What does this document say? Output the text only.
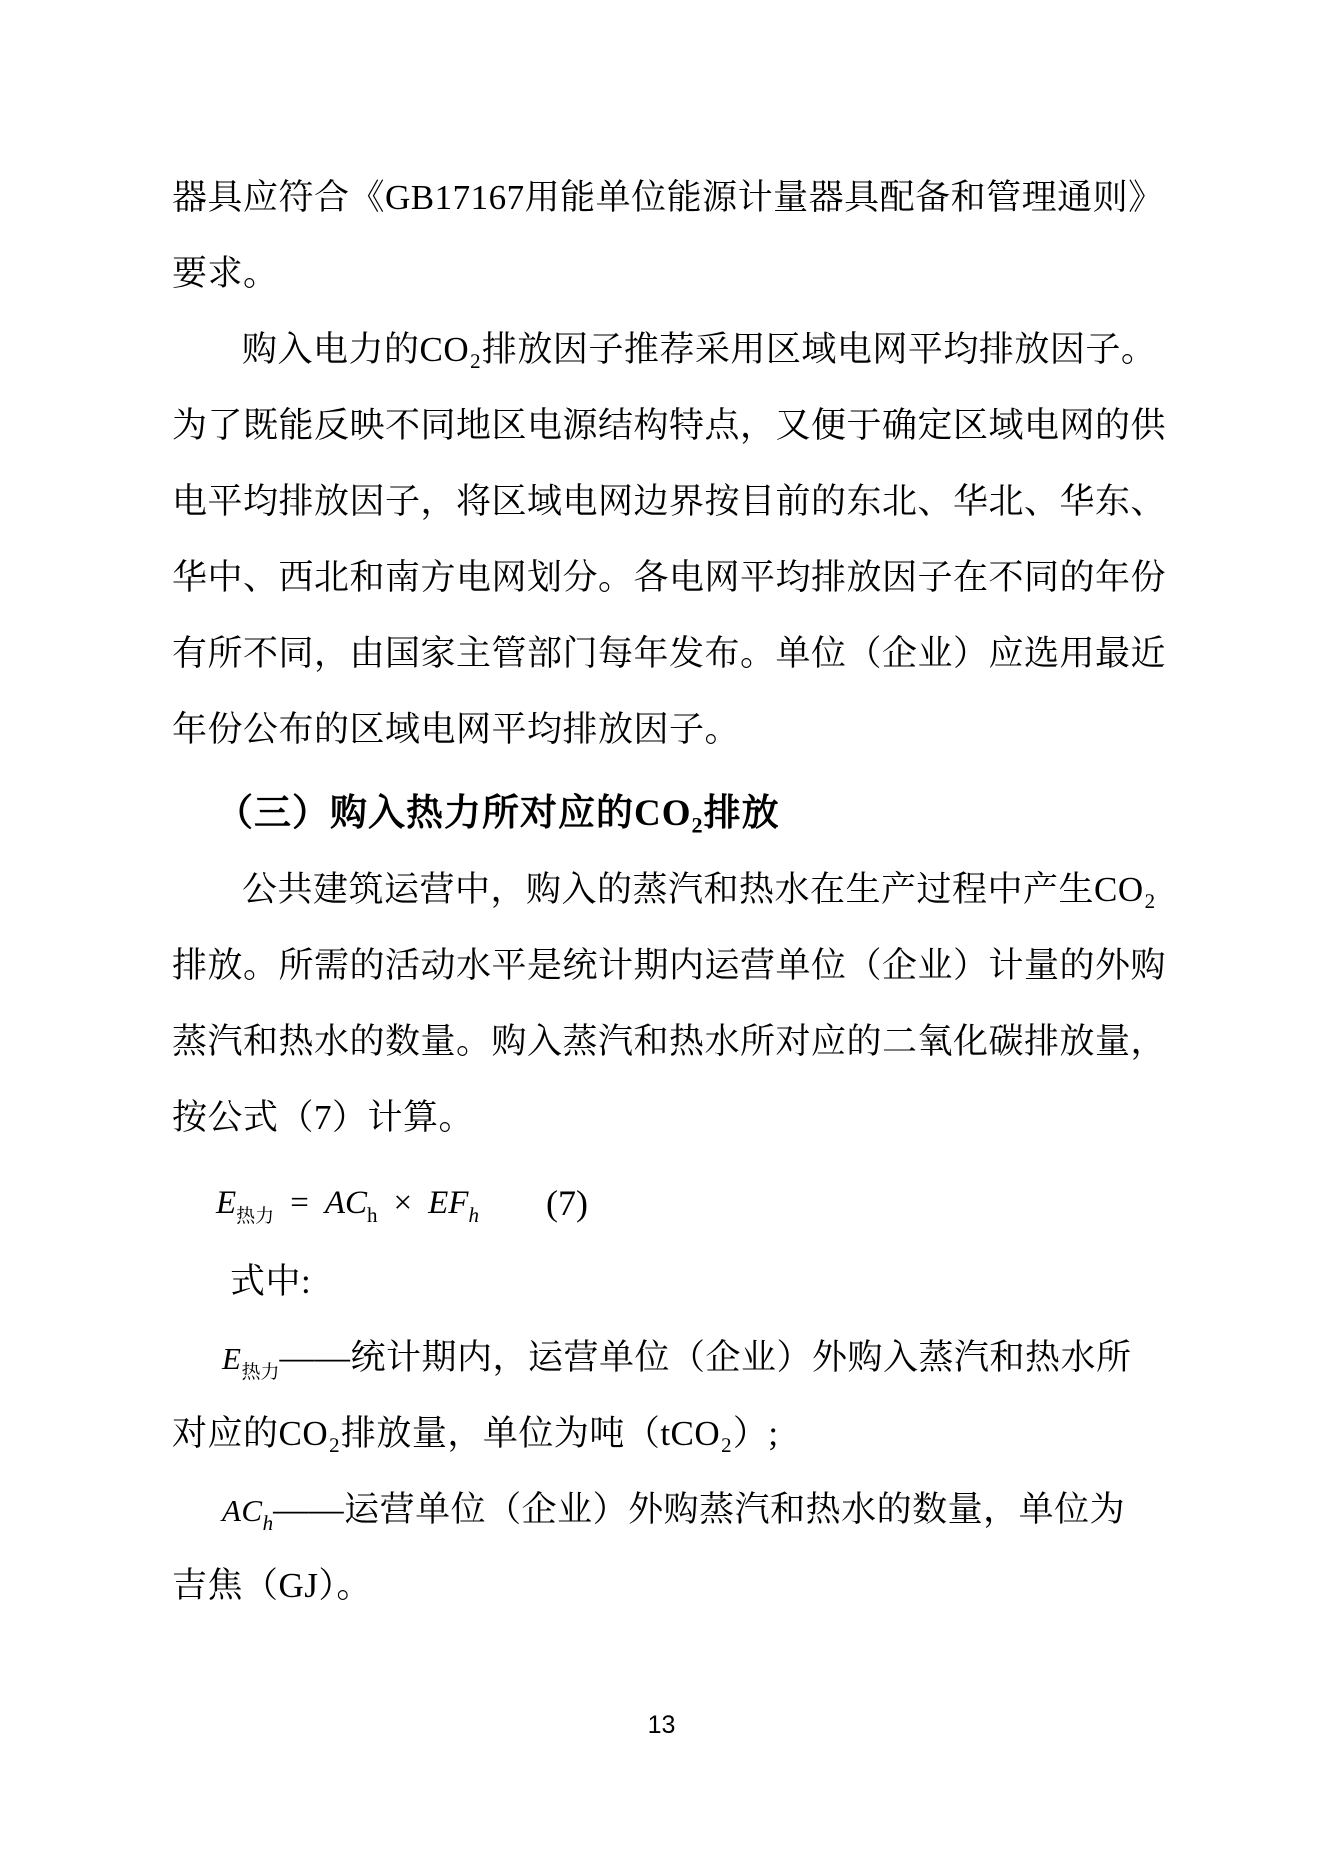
器具应符合《GB17167用能单位能源计量器具配备和管理通则》
要求。
购入电力的CO₂排放因子推荐采用区域电网平均排放因子。
为了既能反映不同地区电源结构特点，又便于确定区域电网的供
电平均排放因子，将区域电网边界按目前的东北、华北、华东、
华中、西北和南方电网划分。各电网平均排放因子在不同的年份
有所不同，由国家主管部门每年发布。单位（企业）应选用最近
年份公布的区域电网平均排放因子。
（三）购入热力所对应的CO₂排放
公共建筑运营中，购入的蒸汽和热水在生产过程中产生CO₂
排放。所需的活动水平是统计期内运营单位（企业）计量的外购
蒸汽和热水的数量。购入蒸汽和热水所对应的二氧化碳排放量，
按公式（7）计算。
$E_{热力} = AC_h \times EF_h$ (7)
式中:
$E_{热力}——$统计期内，运营单位（企业）外购入蒸汽和热水所
对应的CO₂排放量，单位为吨（tCO₂）;
$AC_h——$运营单位（企业）外购蒸汽和热水的数量，单位为
吉焦（GJ）。
13
